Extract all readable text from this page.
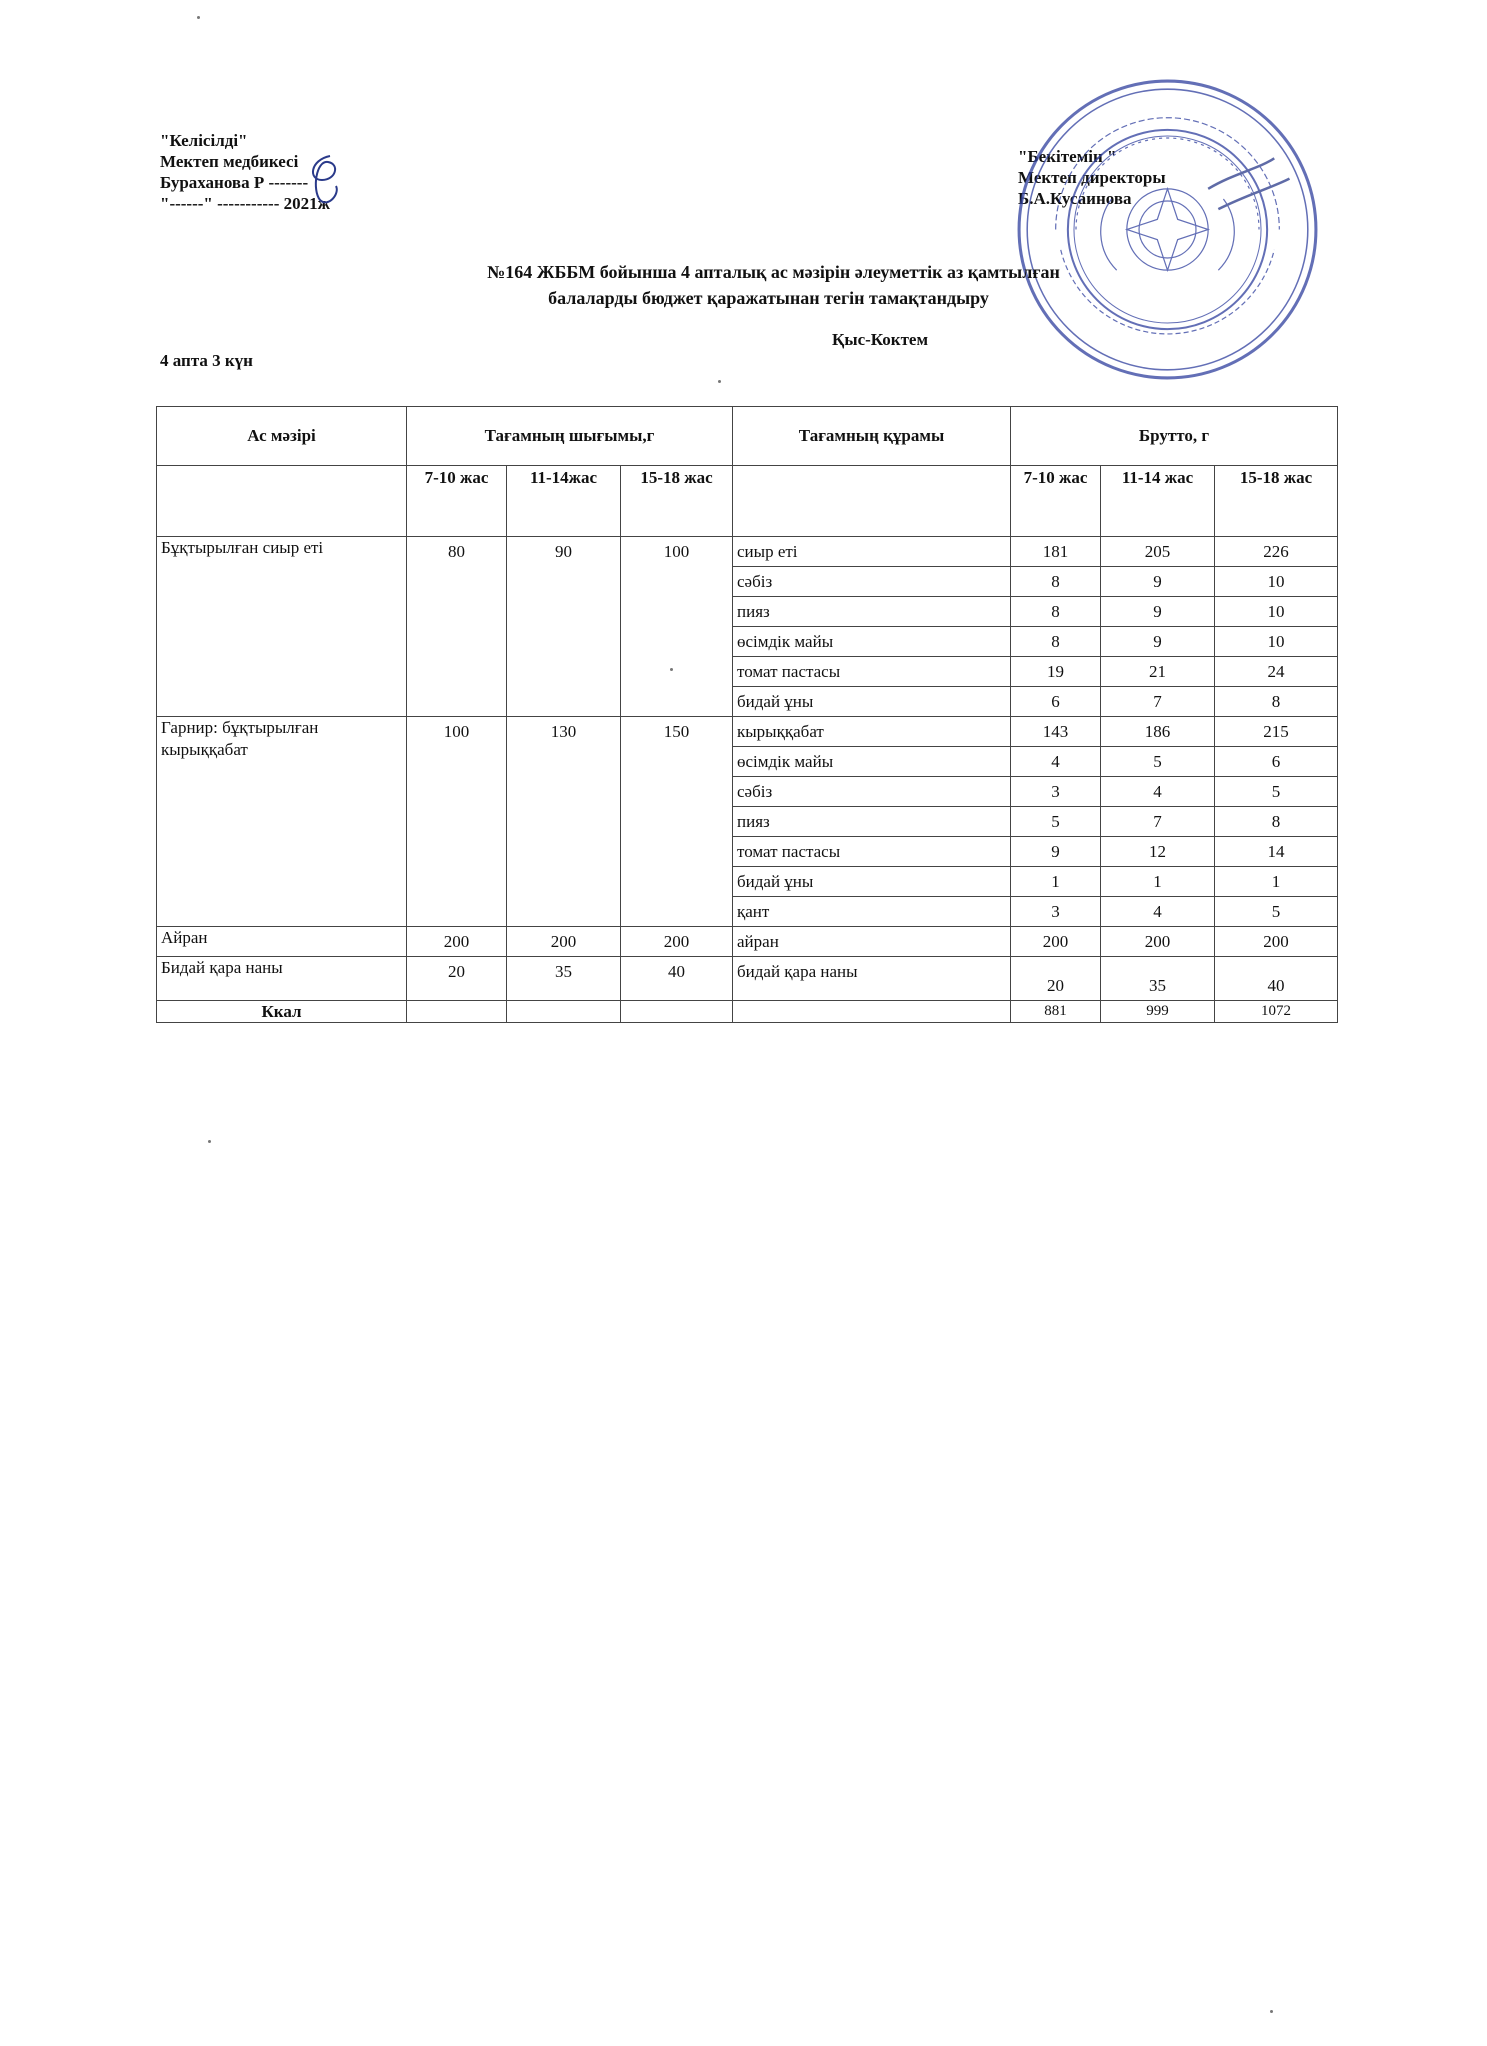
"Келісілді"
Мектеп медбикесі
Бураханова Р -------
"------" ----------- 2021ж
"Бекітемін "
Мектеп директоры
Б.А.Кусаинова
№164 ЖББМ бойынша 4 апталық ас мәзірін әлеуметтік аз қамтылған
балаларды бюджет қаражатынан тегін тамақтандыру
Қыс-Коктем
4 апта 3 күн
Ас мәзірі	Тағамның шығымы,г			Тағамның құрамы	Брутто, г		
	7-10 жас	11-14жас	15-18 жас		7-10 жас	11-14 жас	15-18 жас
Бұқтырылған сиыр еті	80	90	100	сиыр еті	181	205	226
				сәбіз	8	9	10
				пияз	8	9	10
				өсімдік майы	8	9	10
				томат пастасы	19	21	24
				бидай ұны	6	7	8
Гарнир: бұқтырылған кырыққабат	100	130	150	кырыққабат	143	186	215
				өсімдік майы	4	5	6
				сәбіз	3	4	5
				пияз	5	7	8
				томат пастасы	9	12	14
				бидай ұны	1	1	1
				қант	3	4	5
Айран	200	200	200	айран	200	200	200
Бидай қара наны	20	35	40	бидай қара наны	20	35	40
Ккал					881	999	1072
